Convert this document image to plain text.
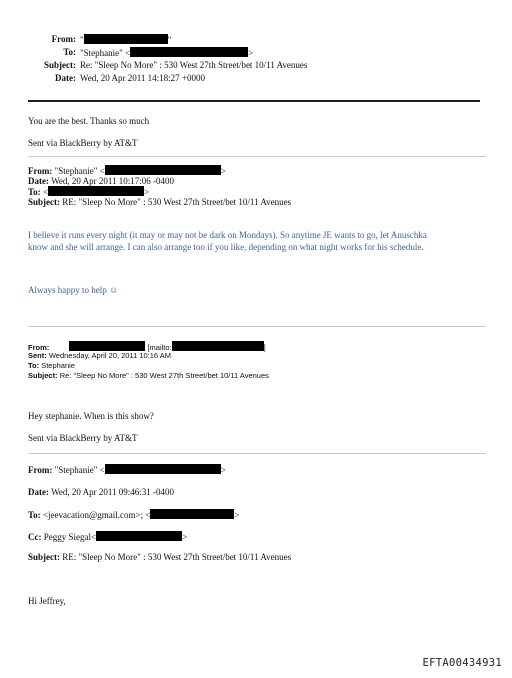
From: "	"
To: "Stephanie" <	>
Subject: Re: "Sleep No More" : 530 West 27th Street/bet 10/11 Avenues
Date: Wed, 20 Apr 2011 14:18:27 +0000
You are the best. Thanks so much
Sent via BlackBerry by AT&T
From: "Stephanie" <	>
Date: Wed, 20 Apr 2011 10:17:06 -0400
To: <	>
Subject: RE: "Sleep No More" : 530 West 27th Street/bet 10/11 Avenues
I believe it runs every night (it may or may not be dark on Mondays). So anytime JE wants to go, let Anuschka
know and she will arrange. I can also arrange too if you like, depending on what night works for his schedule.
Always happy to help ☺
From:	[mailto:	]
Sent: Wednesday, April 20, 2011 10:16 AM
To: Stephanie
Subject: Re: "Sleep No More" : 530 West 27th Street/bet 10/11 Avenues
Hey stephanie. When is this show?
Sent via BlackBerry by AT&T
From: "Stephanie" <	>
Date: Wed, 20 Apr 2011 09:46:31 -0400
To: <jeevacation@gmail.com>; <	>
Cc: Peggy Siegal<	>
Subject: RE: "Sleep No More" : 530 West 27th Street/bet 10/11 Avenues
Hi Jeffrey,
EFTA00434931
